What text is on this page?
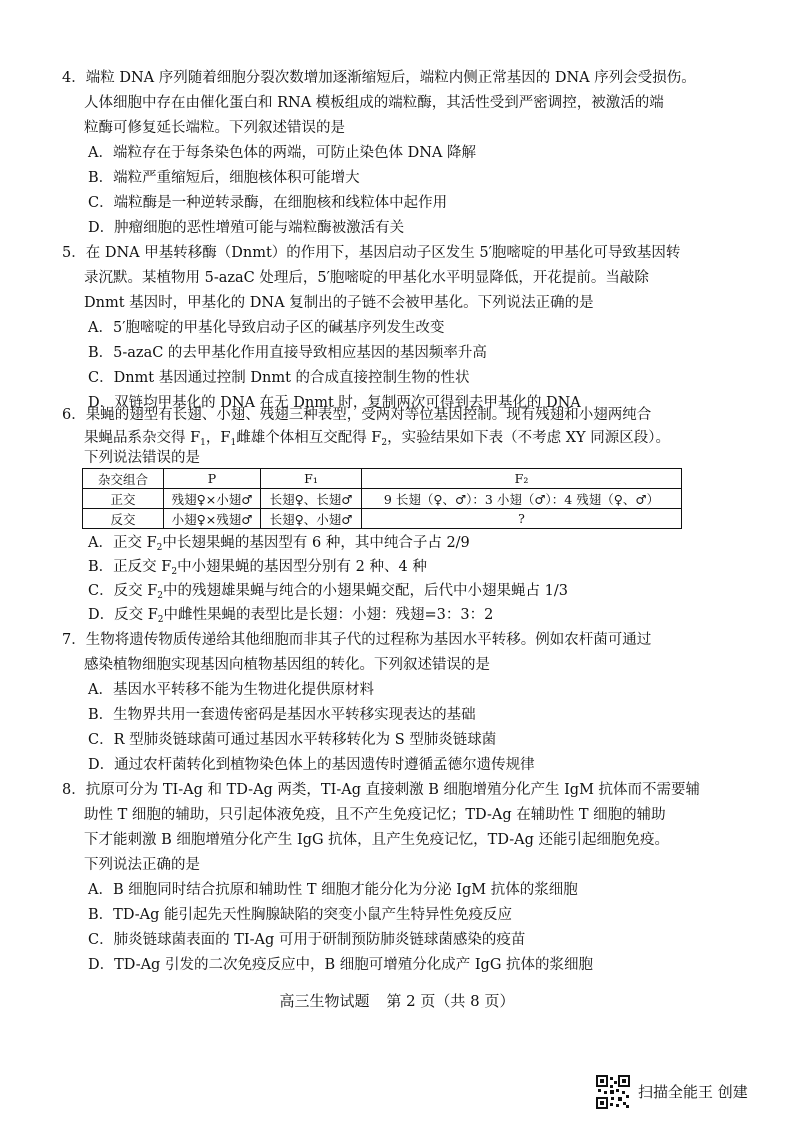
4．端粒 DNA 序列随着细胞分裂次数增加逐渐缩短后，端粒内侧正常基因的 DNA 序列会受损伤。
人体细胞中存在由催化蛋白和 RNA 模板组成的端粒酶，其活性受到严密调控，被激活的端
粒酶可修复延长端粒。下列叙述错误的是
A．端粒存在于每条染色体的两端，可防止染色体 DNA 降解
B．端粒严重缩短后，细胞核体积可能增大
C．端粒酶是一种逆转录酶，在细胞核和线粒体中起作用
D．肿瘤细胞的恶性增殖可能与端粒酶被激活有关
5．在 DNA 甲基转移酶（Dnmt）的作用下，基因启动子区发生 5′胞嘧啶的甲基化可导致基因转
录沉默。某植物用 5-azaC 处理后，5′胞嘧啶的甲基化水平明显降低，开花提前。当敲除
Dnmt 基因时，甲基化的 DNA 复制出的子链不会被甲基化。下列说法正确的是
A．5′胞嘧啶的甲基化导致启动子区的碱基序列发生改变
B．5-azaC 的去甲基化作用直接导致相应基因的基因频率升高
C．Dnmt 基因通过控制 Dnmt 的合成直接控制生物的性状
D．双链均甲基化的 DNA 在无 Dnmt 时，复制两次可得到去甲基化的 DNA
6．果蝇的翅型有长翅、小翅、残翅三种表型，受两对等位基因控制。现有残翅和小翅两纯合
果蝇品系杂交得 $F_1$，$F_1$雌雄个体相互交配得 $F_2$，实验结果如下表（不考虑 XY 同源区段）。
杂交组合	P	F₁	F₂
正交	残翅♀×小翅♂	长翅♀、长翅♂	9 长翅（♀、♂）：3 小翅（♂）：4 残翅（♀、♂）
反交	小翅♀×残翅♂	长翅♀、小翅♂	?
下列说法错误的是
A．正交 $F_2$中长翅果蝇的基因型有 6 种，其中纯合子占 2/9
B．正反交 $F_2$中小翅果蝇的基因型分别有 2 种、4 种
C．反交 $F_2$中的残翅雄果蝇与纯合的小翅果蝇交配，后代中小翅果蝇占 1/3
D．反交 $F_2$中雌性果蝇的表型比是长翅：小翅：残翅=3：3：2
7．生物将遗传物质传递给其他细胞而非其子代的过程称为基因水平转移。例如农杆菌可通过
感染植物细胞实现基因向植物基因组的转化。下列叙述错误的是
A．基因水平转移不能为生物进化提供原材料
B．生物界共用一套遗传密码是基因水平转移实现表达的基础
C．R 型肺炎链球菌可通过基因水平转移转化为 S 型肺炎链球菌
D．通过农杆菌转化到植物染色体上的基因遗传时遵循孟德尔遗传规律
8．抗原可分为 TI-Ag 和 TD-Ag 两类，TI-Ag 直接刺激 B 细胞增殖分化产生 IgM 抗体而不需要辅
助性 T 细胞的辅助，只引起体液免疫，且不产生免疫记忆；TD-Ag 在辅助性 T 细胞的辅助
下才能刺激 B 细胞增殖分化产生 IgG 抗体，且产生免疫记忆，TD-Ag 还能引起细胞免疫。
下列说法正确的是
A．B 细胞同时结合抗原和辅助性 T 细胞才能分化为分泌 IgM 抗体的浆细胞
B．TD-Ag 能引起先天性胸腺缺陷的突变小鼠产生特异性免疫反应
C．肺炎链球菌表面的 TI-Ag 可用于研制预防肺炎链球菌感染的疫苗
D．TD-Ag 引发的二次免疫反应中，B 细胞可增殖分化成产 IgG 抗体的浆细胞
高三生物试题 第 2 页（共 8 页）
扫描全能王 创建
